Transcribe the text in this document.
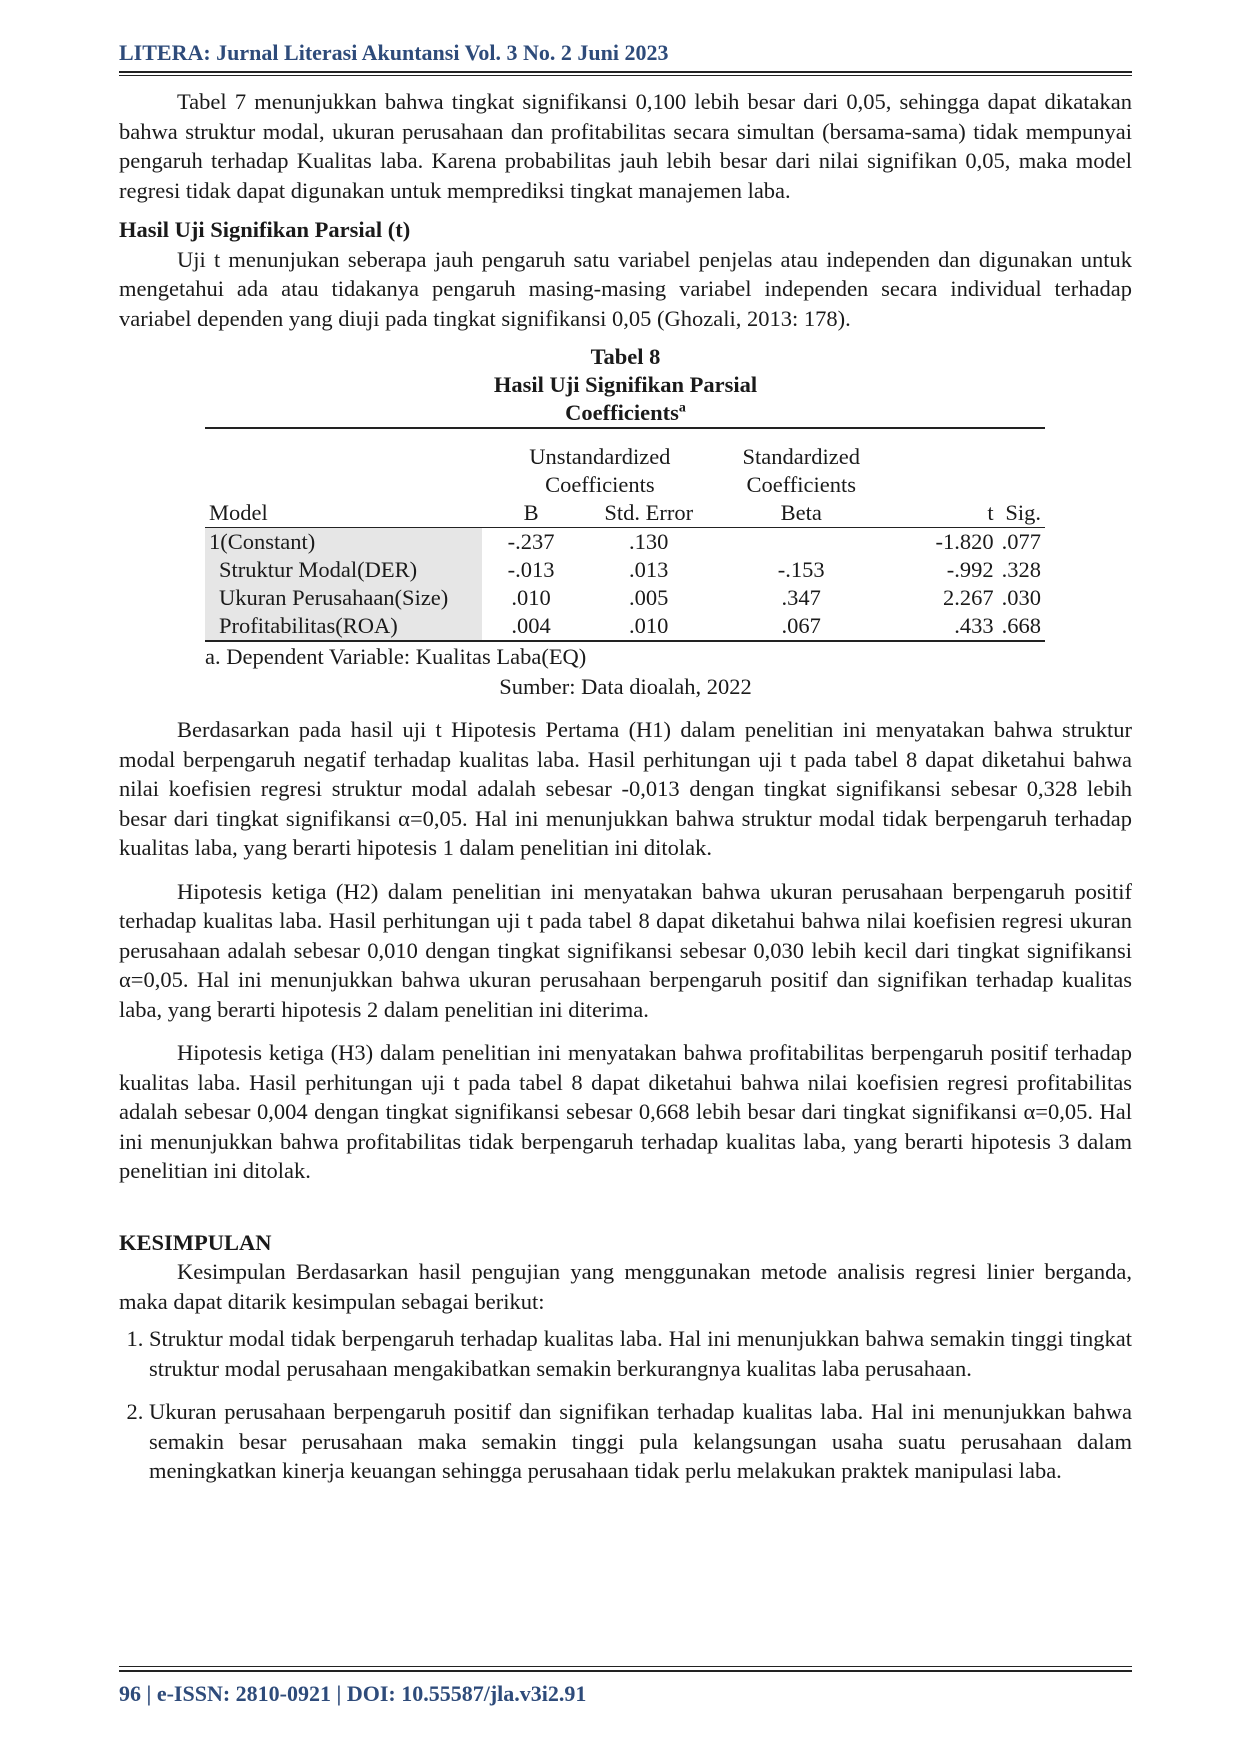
LITERA: Jurnal Literasi Akuntansi Vol. 3 No. 2 Juni 2023

Tabel 7 menunjukkan bahwa tingkat signifikansi 0,100 lebih besar dari 0,05, sehingga dapat dikatakan bahwa struktur modal, ukuran perusahaan dan profitabilitas secara simultan (bersama-sama) tidak mempunyai pengaruh terhadap Kualitas laba. Karena probabilitas jauh lebih besar dari nilai signifikan 0,05, maka model regresi tidak dapat digunakan untuk memprediksi tingkat manajemen laba.

Hasil Uji Signifikan Parsial (t)

Uji t menunjukan seberapa jauh pengaruh satu variabel penjelas atau independen dan digunakan untuk mengetahui ada atau tidakanya pengaruh masing-masing variabel independen secara individual terhadap variabel dependen yang diuji pada tingkat signifikansi 0,05 (Ghozali, 2013: 178).

Tabel 8
Hasil Uji Signifikan Parsial
Coefficients$^a$
	Unstandardized		Standardized		
	Coefficients		Coefficients		
Model	B	Std. Error	Beta	t	Sig.
1(Constant)	-.237	.130		-1.820	.077
Struktur Modal(DER)	-.013	.013	-.153	-.992	.328
Ukuran Perusahaan(Size)	.010	.005	.347	2.267	.030
Profitabilitas(ROA)	.004	.010	.067	.433	.668
a. Dependent Variable: Kualitas Laba(EQ)
Sumber: Data dioalah, 2022

Berdasarkan pada hasil uji t Hipotesis Pertama (H1) dalam penelitian ini menyatakan bahwa struktur modal berpengaruh negatif terhadap kualitas laba. Hasil perhitungan uji t pada tabel 8 dapat diketahui bahwa nilai koefisien regresi struktur modal adalah sebesar -0,013 dengan tingkat signifikansi sebesar 0,328 lebih besar dari tingkat signifikansi α=0,05. Hal ini menunjukkan bahwa struktur modal tidak berpengaruh terhadap kualitas laba, yang berarti hipotesis 1 dalam penelitian ini ditolak.

Hipotesis ketiga (H2) dalam penelitian ini menyatakan bahwa ukuran perusahaan berpengaruh positif terhadap kualitas laba. Hasil perhitungan uji t pada tabel 8 dapat diketahui bahwa nilai koefisien regresi ukuran perusahaan adalah sebesar 0,010 dengan tingkat signifikansi sebesar 0,030 lebih kecil dari tingkat signifikansi α=0,05. Hal ini menunjukkan bahwa ukuran perusahaan berpengaruh positif dan signifikan terhadap kualitas laba, yang berarti hipotesis 2 dalam penelitian ini diterima.

Hipotesis ketiga (H3) dalam penelitian ini menyatakan bahwa profitabilitas berpengaruh positif terhadap kualitas laba. Hasil perhitungan uji t pada tabel 8 dapat diketahui bahwa nilai koefisien regresi profitabilitas adalah sebesar 0,004 dengan tingkat signifikansi sebesar 0,668 lebih besar dari tingkat signifikansi α=0,05. Hal ini menunjukkan bahwa profitabilitas tidak berpengaruh terhadap kualitas laba, yang berarti hipotesis 3 dalam penelitian ini ditolak.

KESIMPULAN

Kesimpulan Berdasarkan hasil pengujian yang menggunakan metode analisis regresi linier berganda, maka dapat ditarik kesimpulan sebagai berikut:

1. Struktur modal tidak berpengaruh terhadap kualitas laba. Hal ini menunjukkan bahwa semakin tinggi tingkat struktur modal perusahaan mengakibatkan semakin berkurangnya kualitas laba perusahaan.
2. Ukuran perusahaan berpengaruh positif dan signifikan terhadap kualitas laba. Hal ini menunjukkan bahwa semakin besar perusahaan maka semakin tinggi pula kelangsungan usaha suatu perusahaan dalam meningkatkan kinerja keuangan sehingga perusahaan tidak perlu melakukan praktek manipulasi laba.
96 | e-ISSN: 2810-0921 | DOI: 10.55587/jla.v3i2.91
